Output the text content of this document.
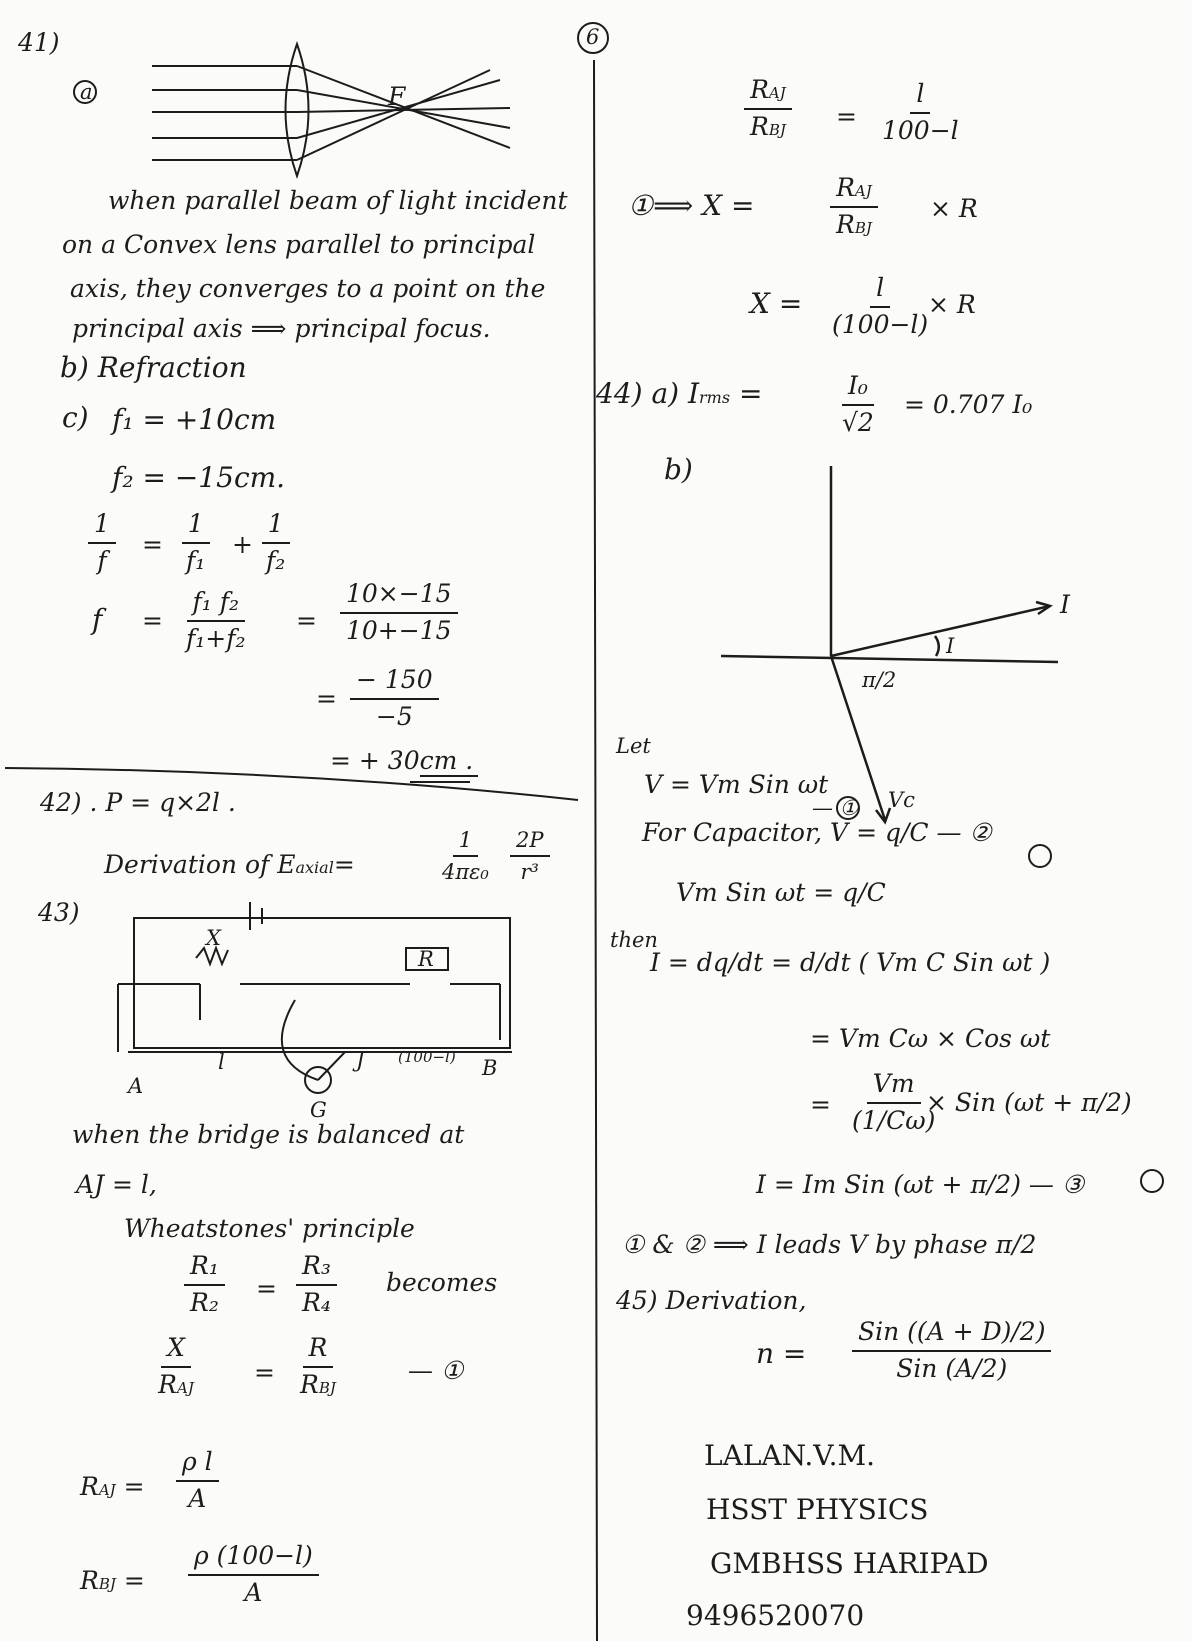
6
41)
a	F
when parallel beam of light incident
on a Convex lens parallel to principal
axis, they converges to a point on the
principal axis ⟹ principal focus.
b) Refraction
c) f₁ = +10cm
f₂ = −15cm.
$\frac{1}{f} = \frac{1}{\text{f₁}} + \frac{1}{\text{f₂}}$
$f = \frac{\text{f₁ f₂}}{\text{f₁+f₂}} = \frac{10\times-15}{10+-15}$
= $\frac{- 150}{-5}$
= + 30cm .
42) . P = q×2l .
Derivation of Eaxial=	$\frac{1}{\text{4πε₀}} \frac{2P}{\text{r³}}$
43)
X
R
A
B
J
l	(100−l)
G
when the bridge is balanced at
AJ = l,
Wheatstones' principle
$\frac{\text{R₁}}{\text{R₂}} = \frac{\text{R₃}}{\text{R₄}}$ becomes
X
RAJ
=
R
RBJ
— ①
RAJ = $\frac{\text{ρ l}}{A}$
RBJ = $\frac{\rho (100-l)}{A}$
RAJ
RBJ = $\frac{l}{100-l}$
①⟹ X =
RAJ
RBJ
× R
$X = \frac{l}{(100-l)}$
× R
44) a) Irms =	$\frac{\text{I₀}}{√2} = 0.707$ I₀
b)
I
I
π/2
Vc
Let
V = Vm Sin ωt
— ①
For Capacitor, V = q/C — ②
Vm Sin ωt = q/C
then
I = dq/dt = d/dt ( Vm C Sin ωt )
= Vm Cω × Cos ωt
= $\frac{Vm}{(1/C\omega)}$
× Sin (ωt + π/2)
I = Im Sin (ωt + π/2) — ③
① & ② ⟹ I leads V by phase π/2
45) Derivation,
n =
Sin ((A + D)/2)
Sin (A/2)
LALAN.V.M.
HSST PHYSICS
GMBHSS HARIPAD
9496520070
